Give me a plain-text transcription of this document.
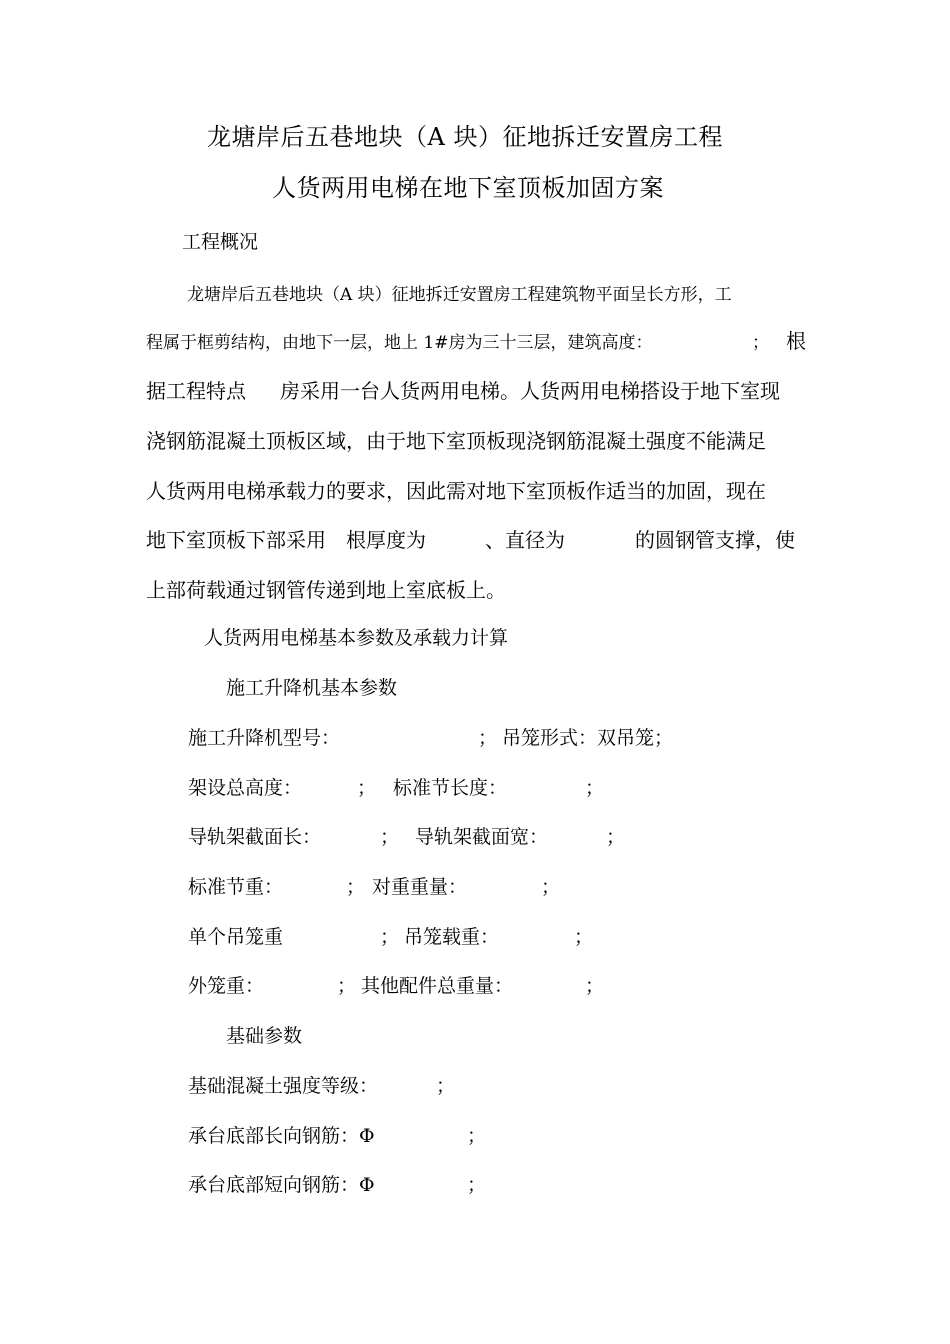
龙塘岸后五巷地块（A 块）征地拆迁安置房工程
人货两用电梯在地下室顶板加固方案
工程概况
龙塘岸后五巷地块（A 块）征地拆迁安置房工程建筑物平面呈长方形，工
程属于框剪结构，由地下一层，地上 1#房为三十三层，建筑高度：	； 根
据工程特点 房采用一台人货两用电梯。人货两用电梯搭设于地下室现
浇钢筋混凝土顶板区域，由于地下室顶板现浇钢筋混凝土强度不能满足
人货两用电梯承载力的要求，因此需对地下室顶板作适当的加固，现在
地下室顶板下部采用 根厚度为	、直径为	的圆钢管支撑，使
上部荷载通过钢管传递到地上室底板上。
人货两用电梯基本参数及承载力计算
施工升降机基本参数
施工升降机型号：	； 吊笼形式：双吊笼；
架设总高度：	； 标准节长度：	；
导轨架截面长：	； 导轨架截面宽：	；
标准节重：	； 对重重量：	；
单个吊笼重	； 吊笼载重：	；
外笼重：	； 其他配件总重量：	；
基础参数
基础混凝土强度等级：	；
承台底部长向钢筋：Φ	；
承台底部短向钢筋：Φ	；
